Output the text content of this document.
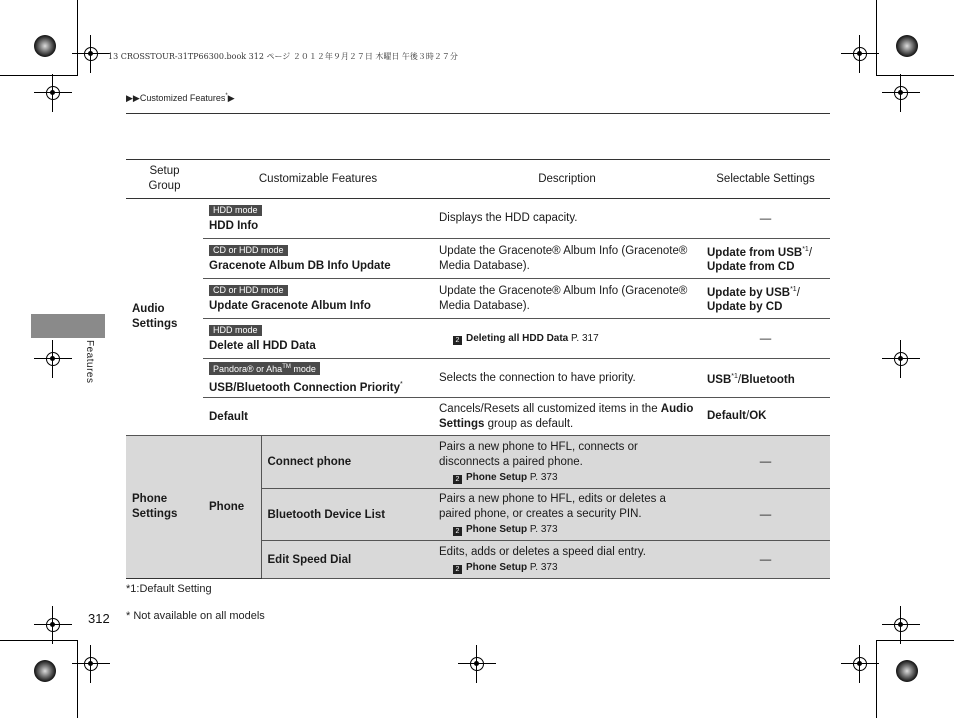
13 CROSSTOUR-31TP66300.book 312 ページ ２０１２年９月２７日 木曜日 午後３時２７分
▶▶Customized Features*▶
Features
Setup Group	Customizable Features		Description	Selectable Settings
Audio Settings	HDD mode
HDD Info		Displays the HDD capacity.	—
	CD or HDD mode
Gracenote Album DB Info Update		Update the Gracenote® Album Info (Gracenote® Media Database).	Update from USB$^{*1}$/
Update from CD
	CD or HDD mode
Update Gracenote Album Info		Update the Gracenote® Album Info (Gracenote® Media Database).	Update by USB$^{*1}$/
Update by CD
	HDD mode
Delete all HDD Data		2 Deleting all HDD Data P. 317	—
	Pandora® or Aha™ mode
USB/Bluetooth Connection Priority*		Selects the connection to have priority.	USB$^{*1}$/Bluetooth
	Default		Cancels/Resets all customized items in the Audio Settings group as default.	Default/OK
Phone Settings	Phone	Connect phone	Pairs a new phone to HFL, connects or disconnects a paired phone.
2 Phone Setup P. 373	—
		Bluetooth Device List	Pairs a new phone to HFL, edits or deletes a paired phone, or creates a security PIN.
2 Phone Setup P. 373	—
		Edit Speed Dial	Edits, adds or deletes a speed dial entry.
2 Phone Setup P. 373	—
*1:Default Setting
312 * Not available on all models
